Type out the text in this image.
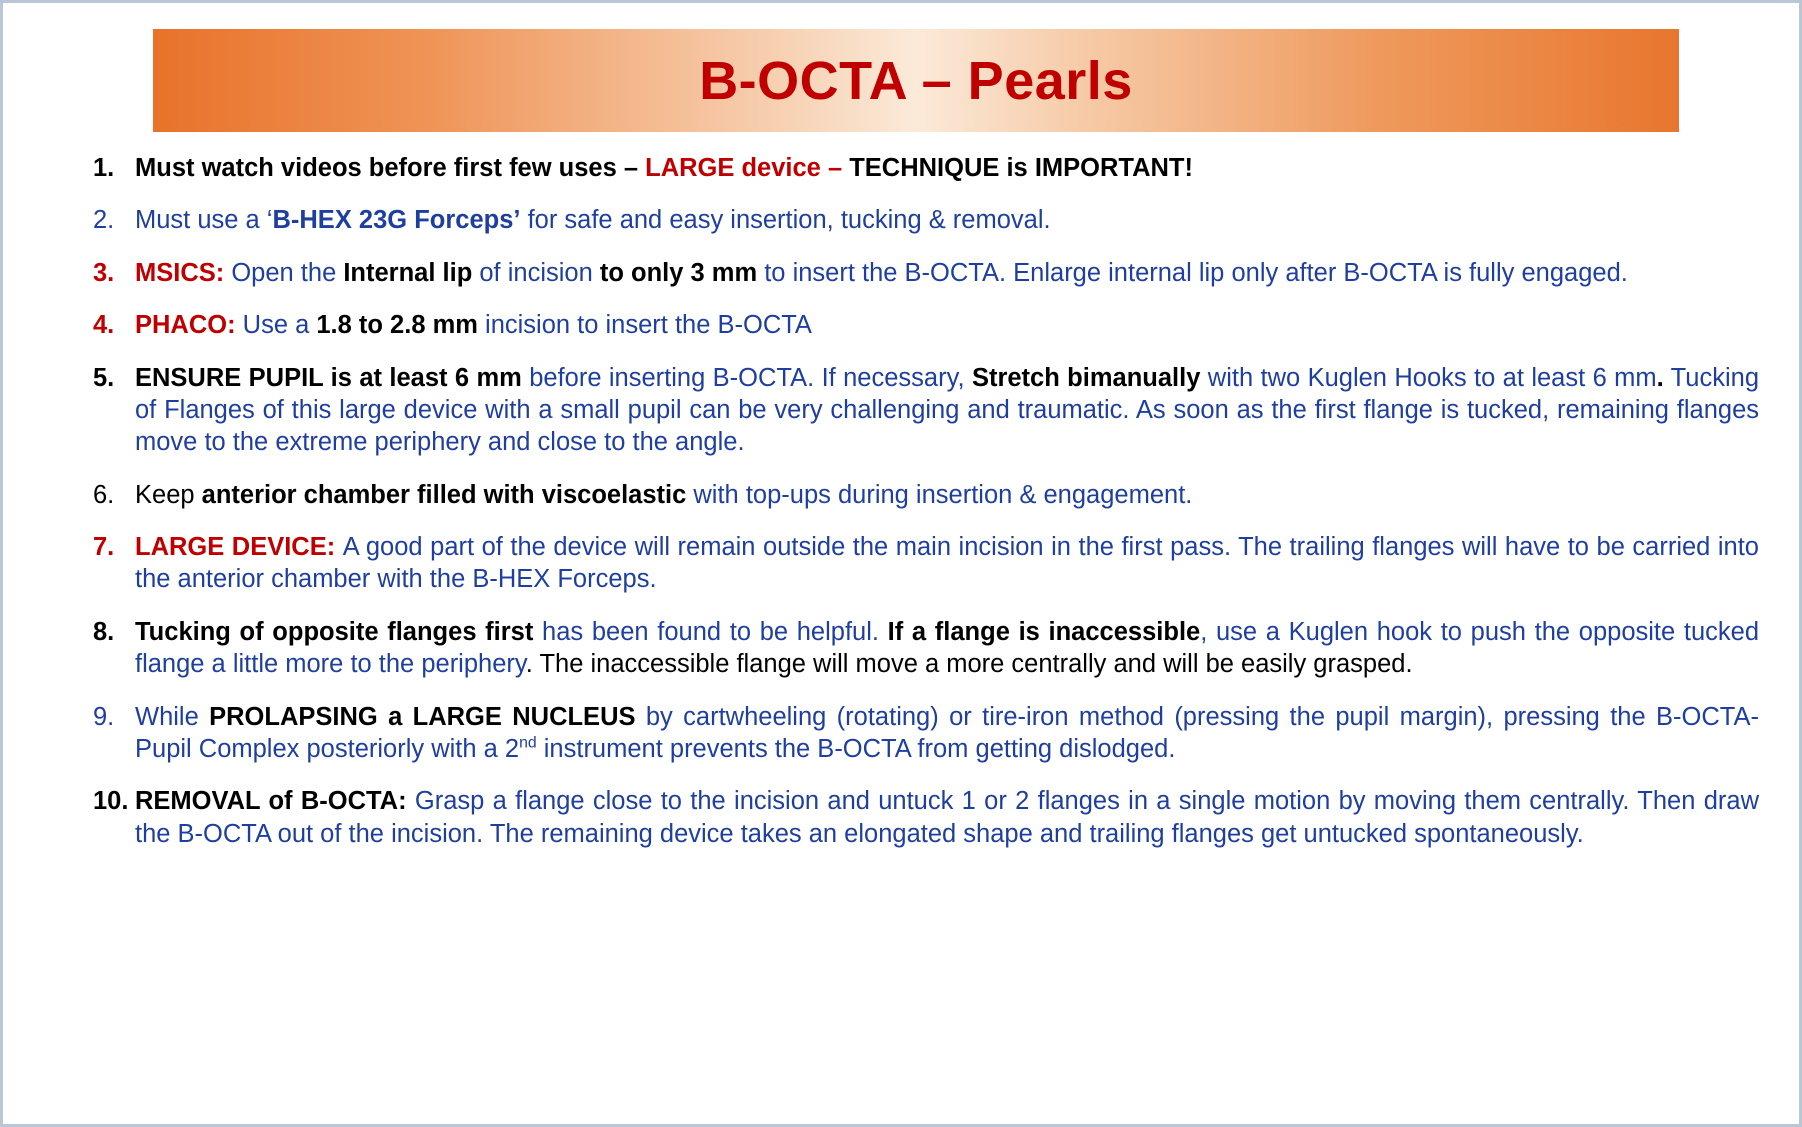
B-OCTA – Pearls
1. Must watch videos before first few uses – LARGE device – TECHNIQUE is IMPORTANT!
2. Must use a ‘B-HEX 23G Forceps’ for safe and easy insertion, tucking & removal.
3. MSICS: Open the Internal lip of incision to only 3 mm to insert the B-OCTA. Enlarge internal lip only after B-OCTA is fully engaged.
4. PHACO: Use a 1.8 to 2.8 mm incision to insert the B-OCTA
5. ENSURE PUPIL is at least 6 mm before inserting B-OCTA. If necessary, Stretch bimanually with two Kuglen Hooks to at least 6 mm. Tucking of Flanges of this large device with a small pupil can be very challenging and traumatic. As soon as the first flange is tucked, remaining flanges move to the extreme periphery and close to the angle.
6. Keep anterior chamber filled with viscoelastic with top-ups during insertion & engagement.
7. LARGE DEVICE: A good part of the device will remain outside the main incision in the first pass. The trailing flanges will have to be carried into the anterior chamber with the B-HEX Forceps.
8. Tucking of opposite flanges first has been found to be helpful. If a flange is inaccessible, use a Kuglen hook to push the opposite tucked flange a little more to the periphery. The inaccessible flange will move a more centrally and will be easily grasped.
9. While PROLAPSING a LARGE NUCLEUS by cartwheeling (rotating) or tire-iron method (pressing the pupil margin), pressing the B-OCTA-Pupil Complex posteriorly with a 2nd instrument prevents the B-OCTA from getting dislodged.
10. REMOVAL of B-OCTA: Grasp a flange close to the incision and untuck 1 or 2 flanges in a single motion by moving them centrally. Then draw the B-OCTA out of the incision. The remaining device takes an elongated shape and trailing flanges get untucked spontaneously.
